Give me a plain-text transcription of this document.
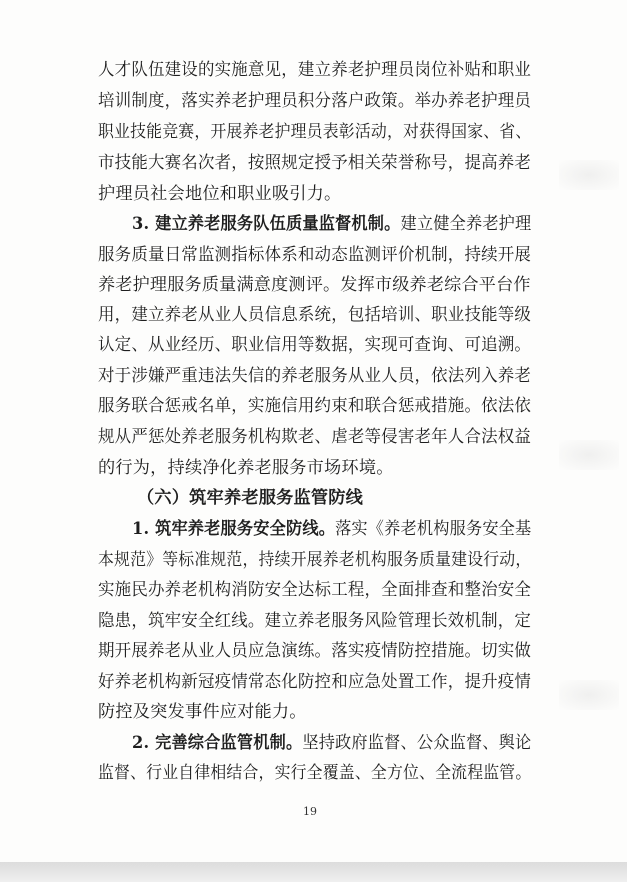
人才队伍建设的实施意见，建立养老护理员岗位补贴和职业
培训制度，落实养老护理员积分落户政策。举办养老护理员
职业技能竞赛，开展养老护理员表彰活动，对获得国家、省、
市技能大赛名次者，按照规定授予相关荣誉称号，提高养老
护理员社会地位和职业吸引力。
3. 建立养老服务队伍质量监督机制。建立健全养老护理
服务质量日常监测指标体系和动态监测评价机制，持续开展
养老护理服务质量满意度测评。发挥市级养老综合平台作
用，建立养老从业人员信息系统，包括培训、职业技能等级
认定、从业经历、职业信用等数据，实现可查询、可追溯。
对于涉嫌严重违法失信的养老服务从业人员，依法列入养老
服务联合惩戒名单，实施信用约束和联合惩戒措施。依法依
规从严惩处养老服务机构欺老、虐老等侵害老年人合法权益
的行为，持续净化养老服务市场环境。
（六）筑牢养老服务监管防线
1. 筑牢养老服务安全防线。落实《养老机构服务安全基
本规范》等标准规范，持续开展养老机构服务质量建设行动，
实施民办养老机构消防安全达标工程，全面排查和整治安全
隐患，筑牢安全红线。建立养老服务风险管理长效机制，定
期开展养老从业人员应急演练。落实疫情防控措施。切实做
好养老机构新冠疫情常态化防控和应急处置工作，提升疫情
防控及突发事件应对能力。
2. 完善综合监管机制。坚持政府监督、公众监督、舆论
监督、行业自律相结合，实行全覆盖、全方位、全流程监管。
19
